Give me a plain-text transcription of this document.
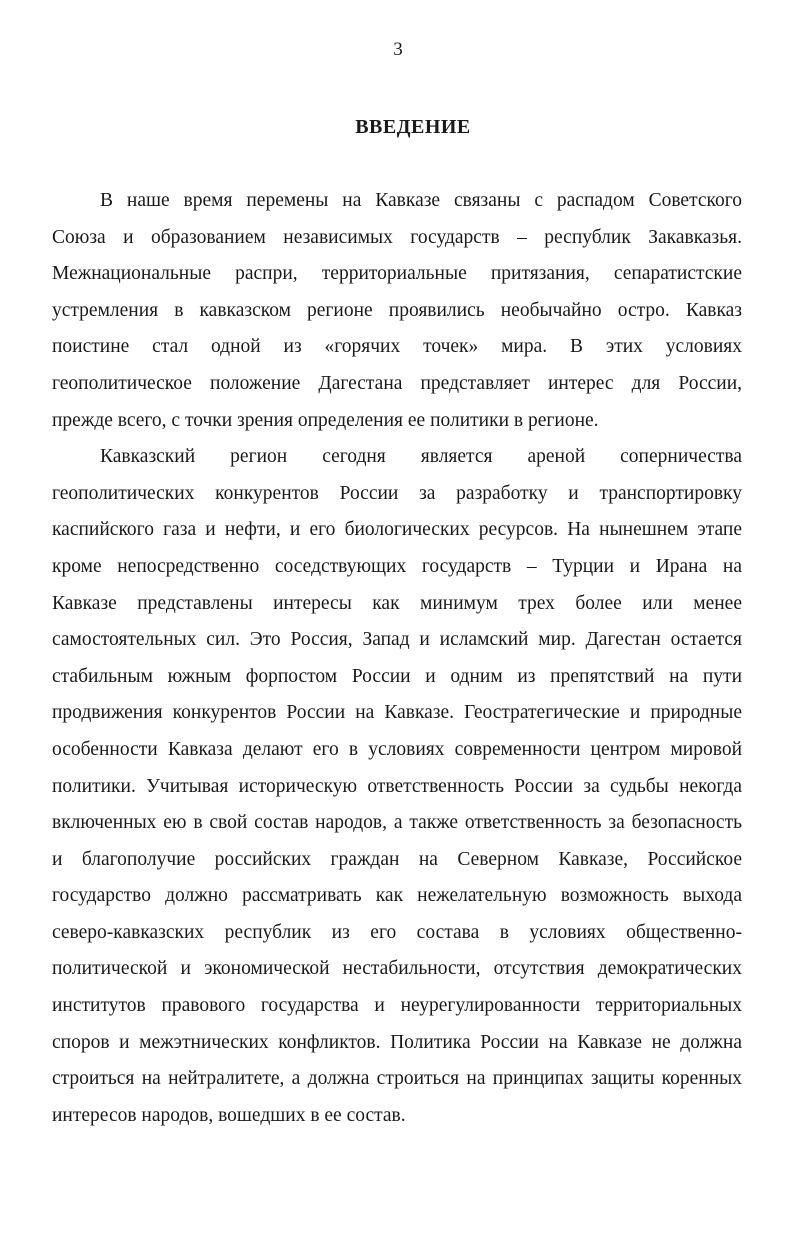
3
ВВЕДЕНИЕ
В наше время перемены на Кавказе связаны с распадом Советского
Союза и образованием независимых государств – республик Закавказья.
Межнациональные распри, территориальные притязания, сепаратистские
устремления в кавказском регионе проявились необычайно остро. Кавказ
поистине стал одной из «горячих точек» мира. В этих условиях
геополитическое положение Дагестана представляет интерес для России,
прежде всего, с точки зрения определения ее политики в регионе.
Кавказский регион сегодня является ареной соперничества
геополитических конкурентов России за разработку и транспортировку
каспийского газа и нефти, и его биологических ресурсов. На нынешнем этапе
кроме непосредственно соседствующих государств – Турции и Ирана на
Кавказе представлены интересы как минимум трех более или менее
самостоятельных сил. Это Россия, Запад и исламский мир. Дагестан остается
стабильным южным форпостом России и одним из препятствий на пути
продвижения конкурентов России на Кавказе. Геостратегические и природные
особенности Кавказа делают его в условиях современности центром мировой
политики. Учитывая историческую ответственность России за судьбы некогда
включенных ею в свой состав народов, а также ответственность за безопасность
и благополучие российских граждан на Северном Кавказе, Российское
государство должно рассматривать как нежелательную возможность выхода
северо-кавказских республик из его состава в условиях общественно-
политической и экономической нестабильности, отсутствия демократических
институтов правового государства и неурегулированности территориальных
споров и межэтнических конфликтов. Политика России на Кавказе не должна
строиться на нейтралитете, а должна строиться на принципах защиты коренных
интересов народов, вошедших в ее состав.
